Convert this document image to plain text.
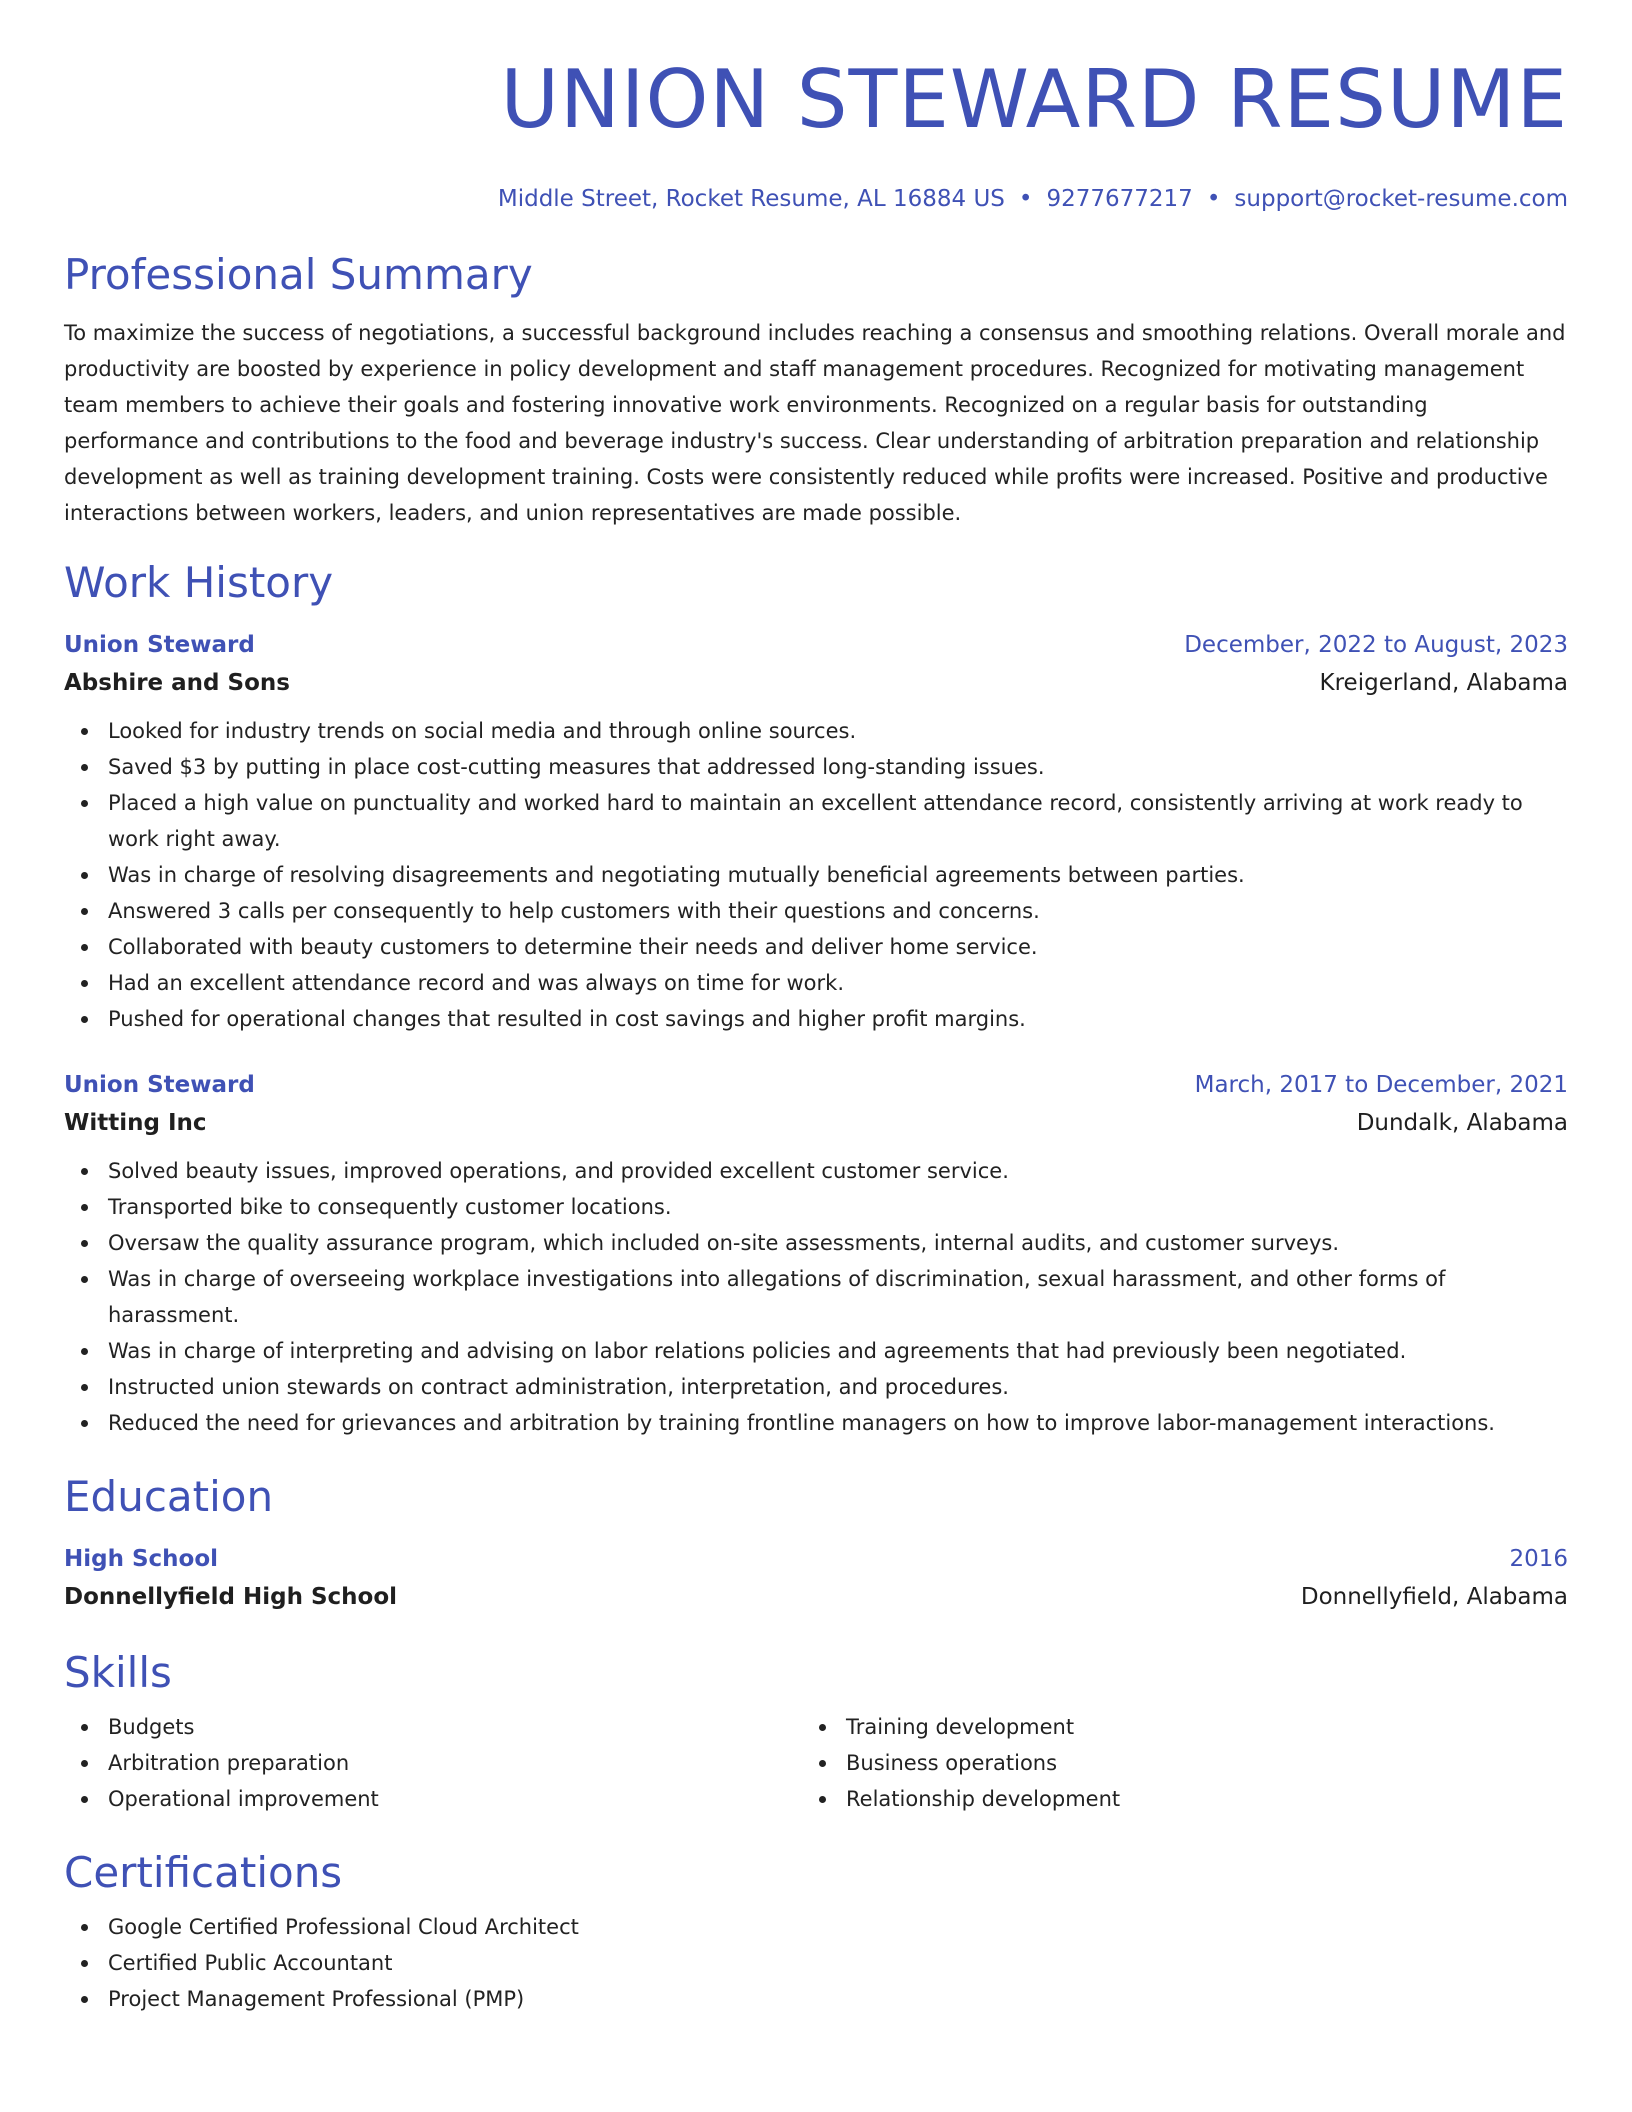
UNION STEWARD RESUME
Middle Street, Rocket Resume, AL 16884 US • 9277677217 • support@rocket-resume.com
Professional Summary
To maximize the success of negotiations, a successful background includes reaching a consensus and smoothing relations. Overall morale and productivity are boosted by experience in policy development and staff management procedures. Recognized for motivating management team members to achieve their goals and fostering innovative work environments. Recognized on a regular basis for outstanding performance and contributions to the food and beverage industry's success. Clear understanding of arbitration preparation and relationship development as well as training development training. Costs were consistently reduced while profits were increased. Positive and productive interactions between workers, leaders, and union representatives are made possible.
Work History
Union Steward	December, 2022 to August, 2023
Abshire and Sons	Kreigerland, Alabama
Looked for industry trends on social media and through online sources.
Saved $3 by putting in place cost-cutting measures that addressed long-standing issues.
Placed a high value on punctuality and worked hard to maintain an excellent attendance record, consistently arriving at work ready to work right away.
Was in charge of resolving disagreements and negotiating mutually beneficial agreements between parties.
Answered 3 calls per consequently to help customers with their questions and concerns.
Collaborated with beauty customers to determine their needs and deliver home service.
Had an excellent attendance record and was always on time for work.
Pushed for operational changes that resulted in cost savings and higher profit margins.
Union Steward	March, 2017 to December, 2021
Witting Inc	Dundalk, Alabama
Solved beauty issues, improved operations, and provided excellent customer service.
Transported bike to consequently customer locations.
Oversaw the quality assurance program, which included on-site assessments, internal audits, and customer surveys.
Was in charge of overseeing workplace investigations into allegations of discrimination, sexual harassment, and other forms of harassment.
Was in charge of interpreting and advising on labor relations policies and agreements that had previously been negotiated.
Instructed union stewards on contract administration, interpretation, and procedures.
Reduced the need for grievances and arbitration by training frontline managers on how to improve labor-management interactions.
Education
High School	2016
Donnellyfield High School	Donnellyfield, Alabama
Skills
Budgets
Arbitration preparation
Operational improvement
Training development
Business operations
Relationship development
Certifications
Google Certified Professional Cloud Architect
Certified Public Accountant
Project Management Professional (PMP)
